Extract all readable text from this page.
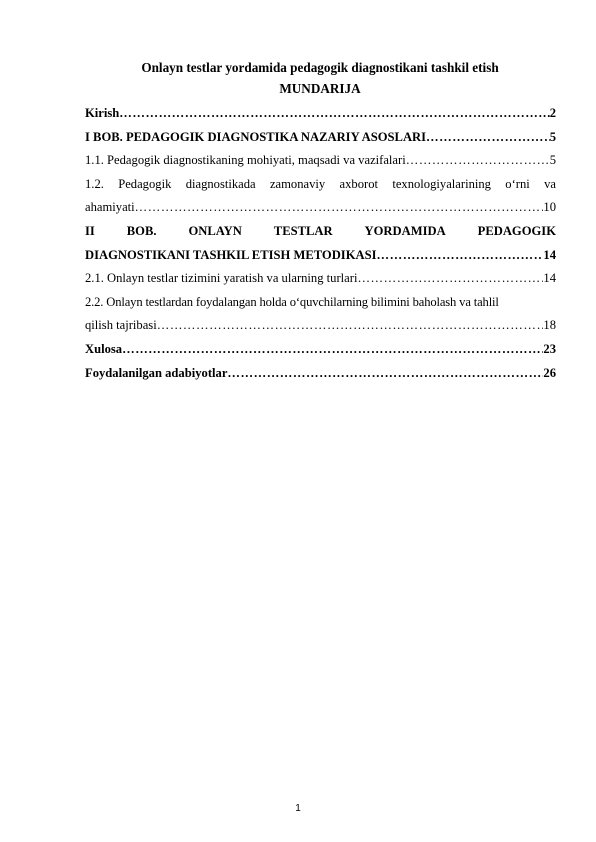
Onlayn testlar yordamida pedagogik diagnostikani tashkil etish
MUNDARIJA
Kirish ……………………………………………………………………………………………………………………………………………………………………………	2
I BOB. PEDAGOGIK DIAGNOSTIKA NAZARIY ASOSLARI ……………………………………………………………………………………………………………………………………………………………………………	5
1.1. Pedagogik diagnostikaning mohiyati, maqsadi va vazifalari ……………………………………………………………………………………………………………………………………………………………………………	5
1.2. Pedagogik diagnostikada zamonaviy axborot texnologiyalarining o‘rni va
ahamiyati ……………………………………………………………………………………………………………………………………………………………………………	10
II	BOB.	ONLAYN	TESTLAR	YORDAMIDA	PEDAGOGIK
DIAGNOSTIKANI TASHKIL ETISH METODIKASI ……………………………………………………………………………………………………………………………………………………………………………	14
2.1. Onlayn testlar tizimini yaratish va ularning turlari ……………………………………………………………………………………………………………………………………………………………………………	14
2.2. Onlayn testlardan foydalangan holda o‘quvchilarning bilimini baholash va tahlil
qilish tajribasi ……………………………………………………………………………………………………………………………………………………………………………	18
Xulosa ……………………………………………………………………………………………………………………………………………………………………………	23
Foydalanilgan adabiyotlar ……………………………………………………………………………………………………………………………………………………………………………	26
1
